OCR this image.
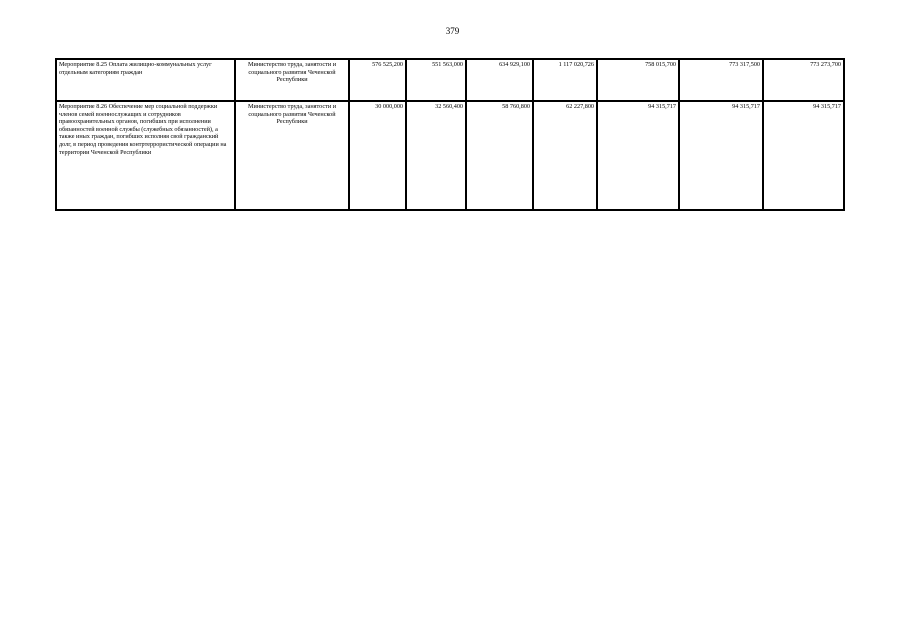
379
Мероприятие 8.25 Оплата жилищно-коммунальных услуг отдельным категориям граждан	Министерство труда, занятости и социального развития Чеченской Республики	576 525,200	551 563,000	634 929,100	1 117 020,726	758 015,700	773 317,500	773 273,700
Мероприятие 8.26 Обеспечение мер социальной поддержки членов семей военнослужащих и сотрудников правоохранительных органов, погибших при исполнении обязанностей военной службы (служебных обязанностей), а также иных граждан, погибших исполняя свой гражданский долг, в период проведения контртеррористической операции на территории Чеченской Республики	Министерство труда, занятости и социального развития Чеченской Республики	30 000,000	32 560,400	58 760,800	62 227,800	94 315,717	94 315,717	94 315,717
